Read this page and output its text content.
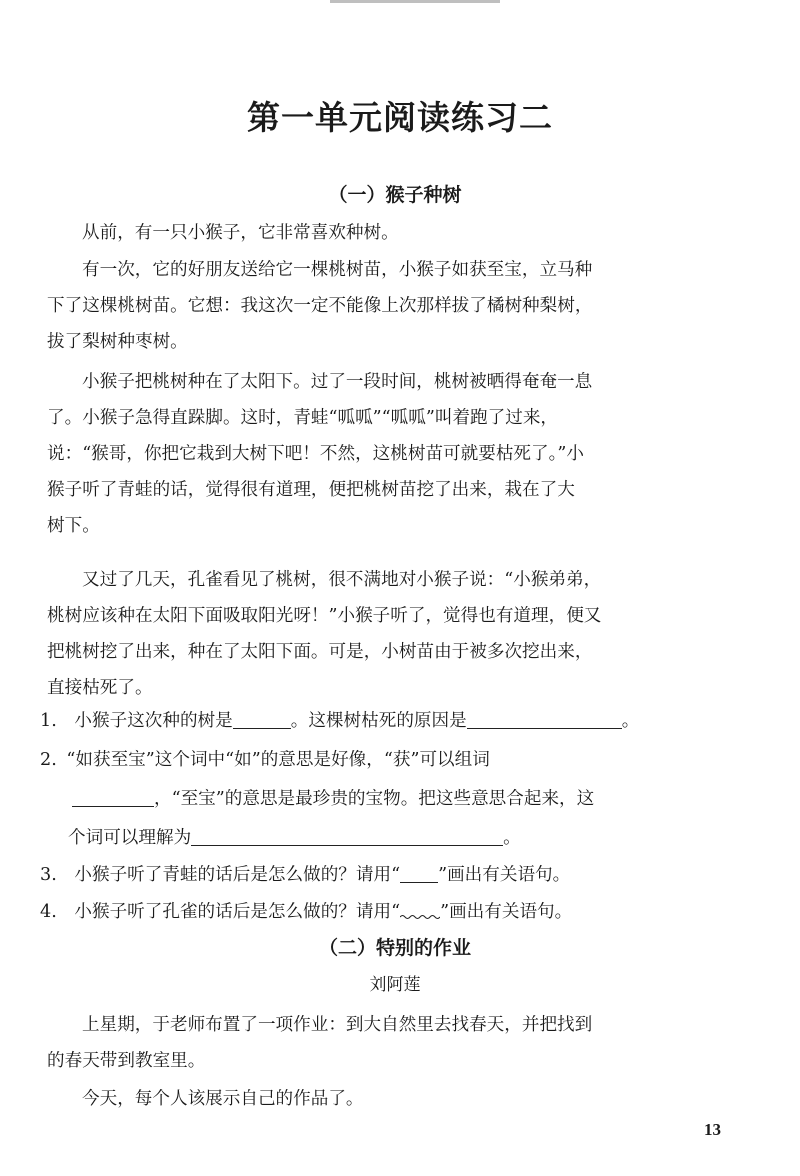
第一单元阅读练习二
（一）猴子种树
从前，有一只小猴子，它非常喜欢种树。
有一次，它的好朋友送给它一棵桃树苗，小猴子如获至宝，立马种
下了这棵桃树苗。它想：我这次一定不能像上次那样拔了橘树种梨树，
拔了梨树种枣树。
小猴子把桃树种在了太阳下。过了一段时间，桃树被晒得奄奄一息
了。小猴子急得直跺脚。这时，青蛙“呱呱”“呱呱”叫着跑了过来，
说：“猴哥，你把它栽到大树下吧！不然，这桃树苗可就要枯死了。”小
猴子听了青蛙的话，觉得很有道理，便把桃树苗挖了出来，栽在了大
树下。
又过了几天，孔雀看见了桃树，很不满地对小猴子说：“小猴弟弟，
桃树应该种在太阳下面吸取阳光呀！”小猴子听了，觉得也有道理，便又
把桃树挖了出来，种在了太阳下面。可是，小树苗由于被多次挖出来，
直接枯死了。
1. 小猴子这次种的树是	。这棵树枯死的原因是	。
2. “如获至宝”这个词中“如”的意思是好像，“获”可以组词
，“至宝”的意思是最珍贵的宝物。把这些意思合起来，这
个词可以理解为	。
3. 小猴子听了青蛙的话后是怎么做的？请用“ ”画出有关语句。
4. 小猴子听了孔雀的话后是怎么做的？请用“ ”画出有关语句。
（二）特别的作业
刘阿莲
上星期，于老师布置了一项作业：到大自然里去找春天，并把找到
的春天带到教室里。
今天，每个人该展示自己的作品了。
13
